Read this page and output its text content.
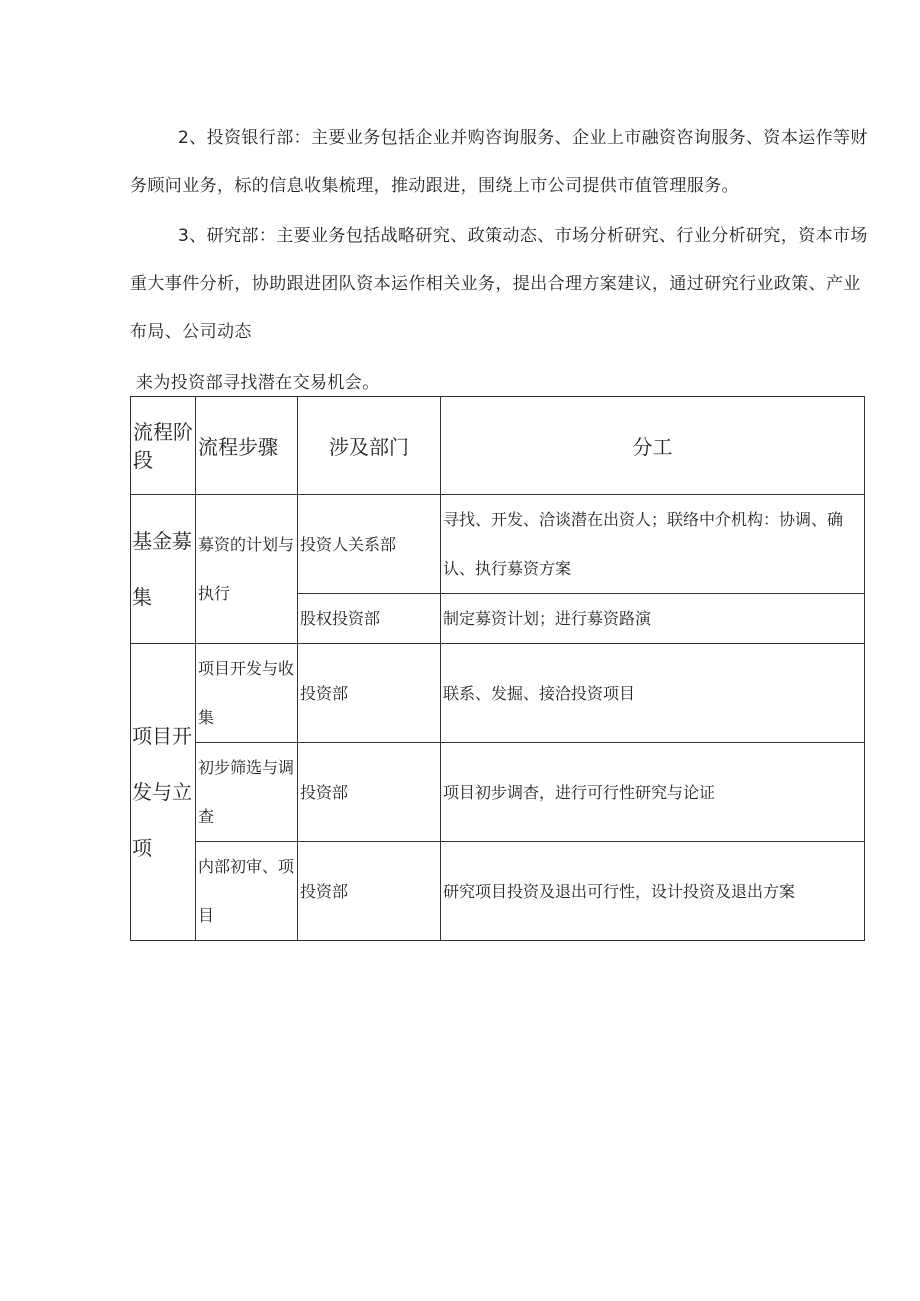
2、投资银行部：主要业务包括企业并购咨询服务、企业上市融资咨询服务、资本运作等财务顾问业务，标的信息收集梳理，推动跟进，围绕上市公司提供市值管理服务。
3、研究部：主要业务包括战略研究、政策动态、市场分析研究、行业分析研究，资本市场重大事件分析，协助跟进团队资本运作相关业务，提出合理方案建议，通过研究行业政策、产业布局、公司动态
来为投资部寻找潜在交易机会。
流程阶段	流程步骤	涉及部门	分工
基金募集	募资的计划与执行	投资人关系部	寻找、开发、洽谈潜在出资人；联络中介机构：协调、确认、执行募资方案
		股权投资部	制定募资计划；进行募资路演
项目开发与立项	项目开发与收集	投资部	联系、发掘、接洽投资项目
	初步筛选与调查	投资部	项目初步调杳，进行可行性研究与论证
	内部初审、项目	投资部	研究项目投资及退出可行性，设计投资及退出方案
